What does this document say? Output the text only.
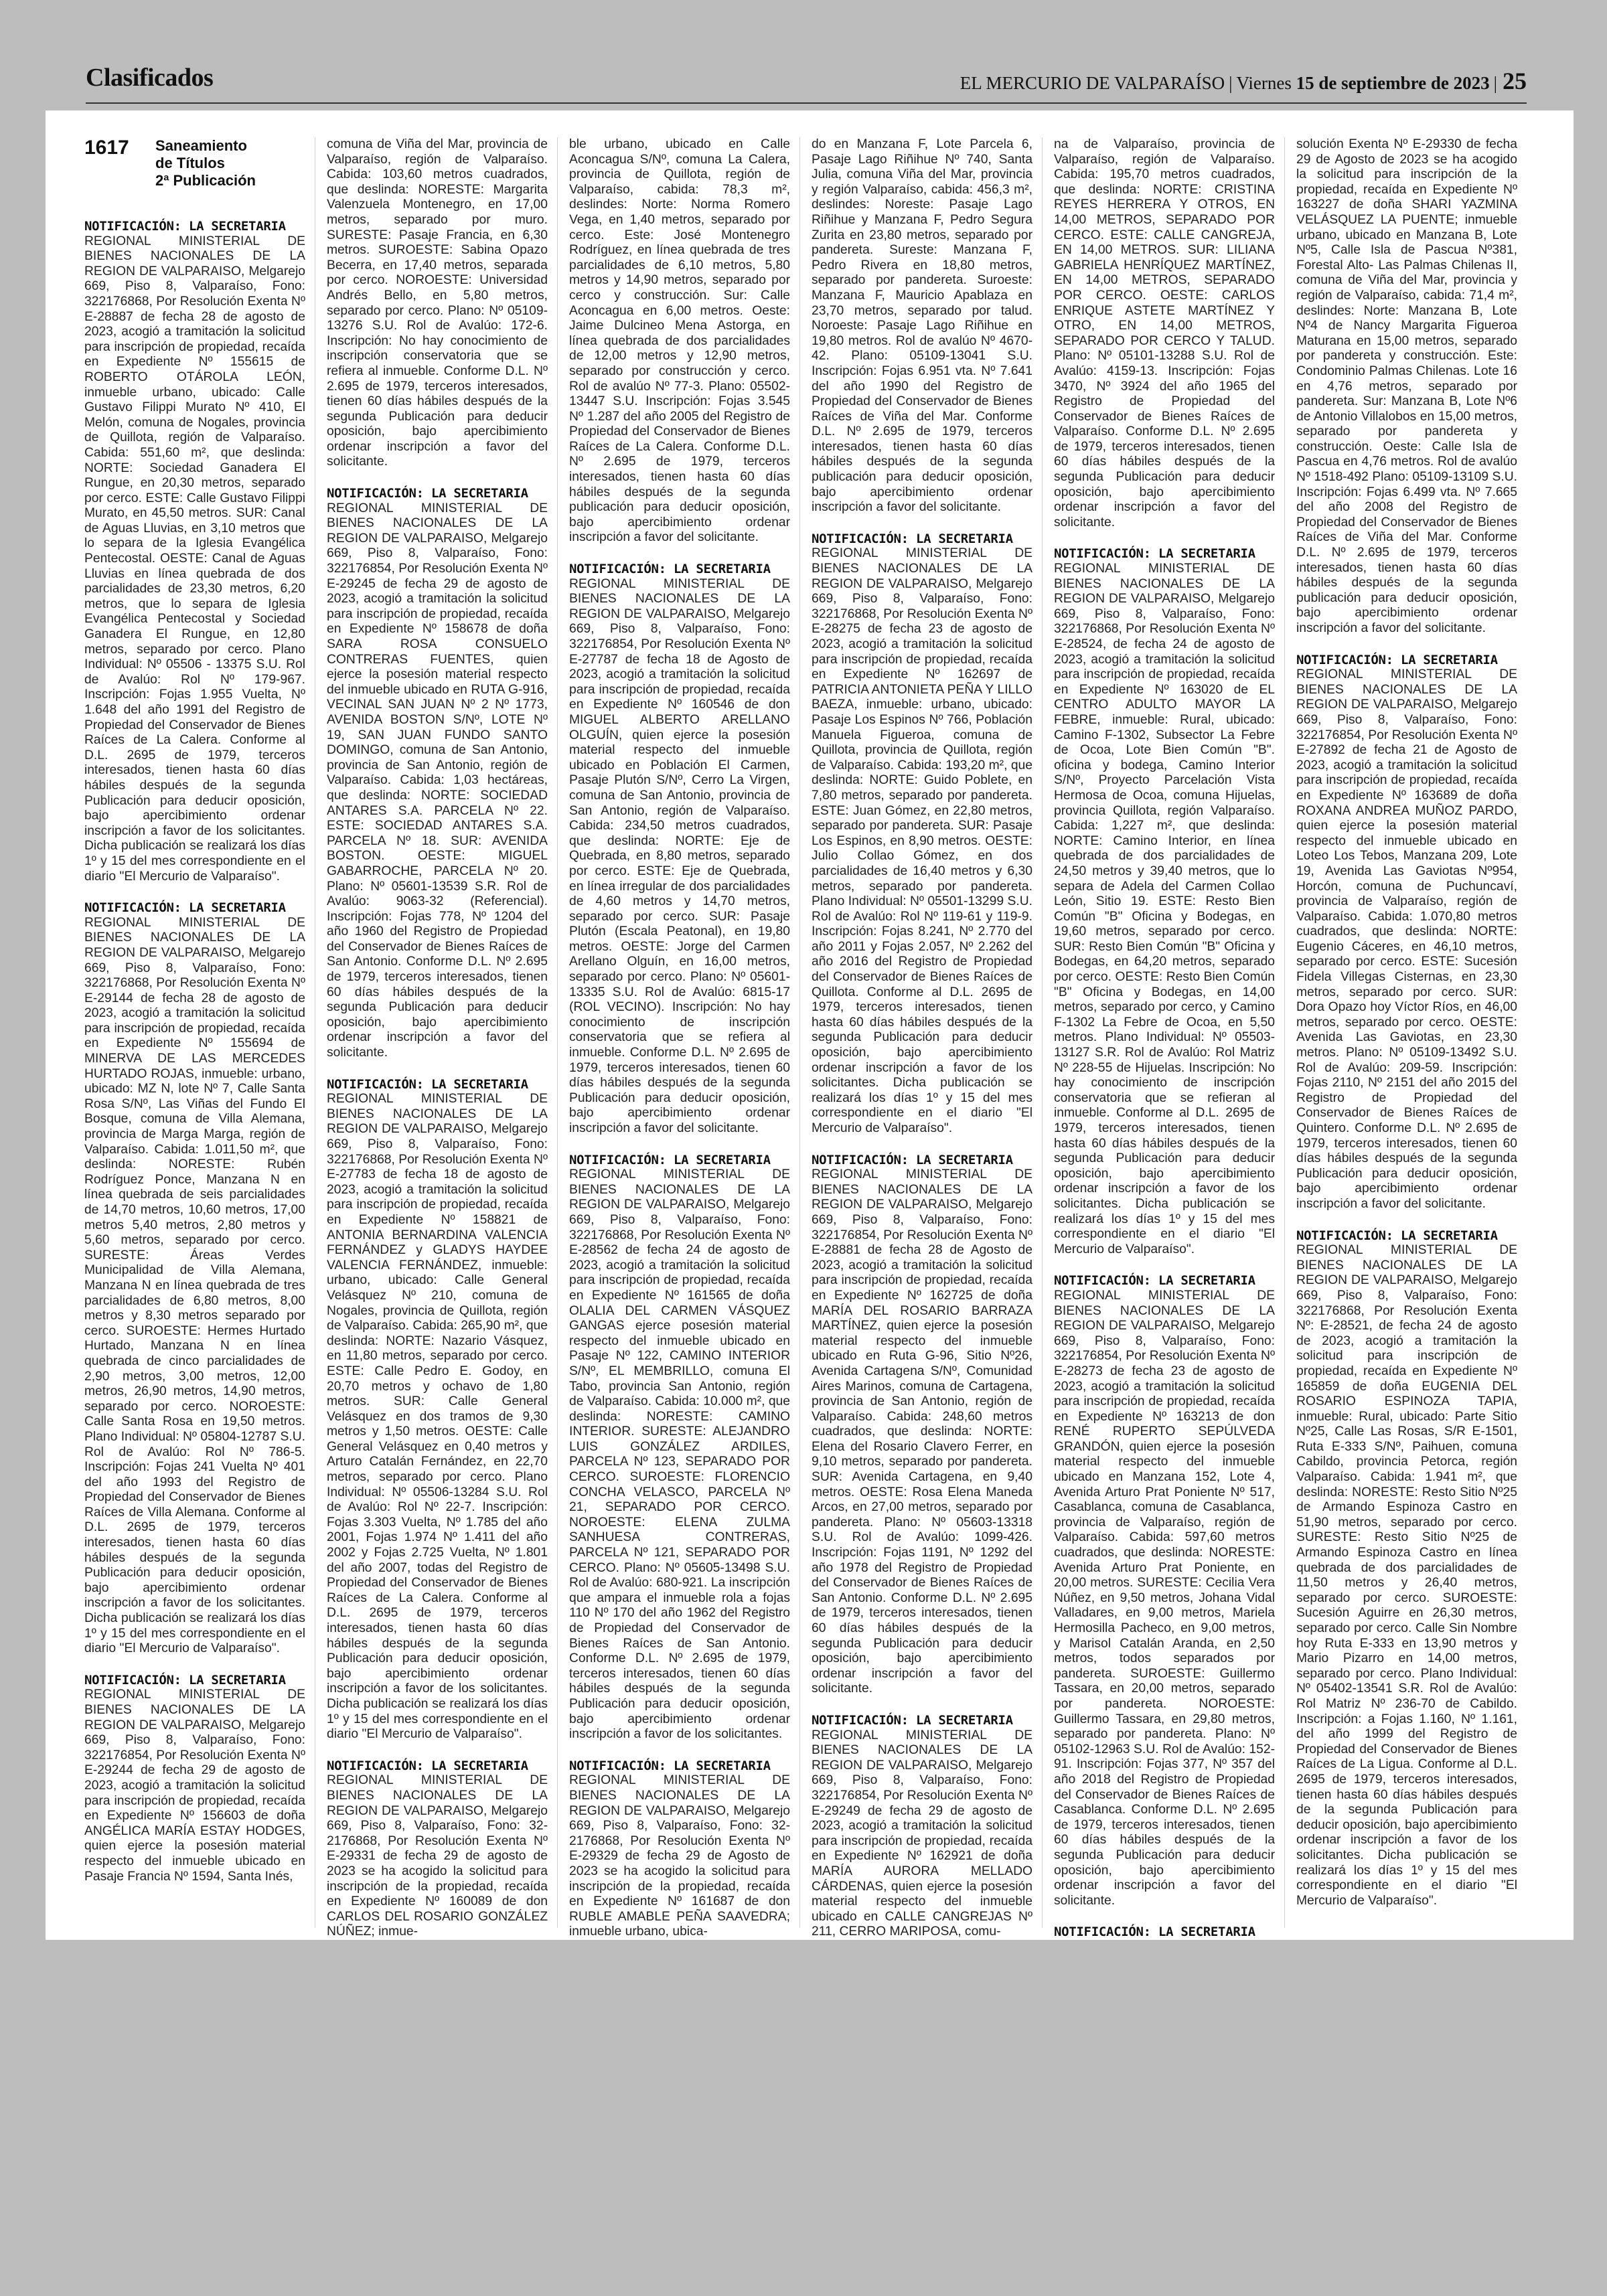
Clasificados	EL MERCURIO DE VALPARAÍSO | Viernes 15 de septiembre de 2023 | 25
1617	Saneamiento
de Títulos
2ª Publicación
NOTIFICACIÓN: LA SECRETARIA
REGIONAL MINISTERIAL DE BIENES NACIONALES DE LA REGION DE VALPARAISO, Melgarejo 669, Piso 8, Valparaíso, Fono: 322176868, Por Resolución Exenta Nº E-28887 de fecha 28 de agosto de 2023, acogió a tramitación la solicitud para inscripción de propiedad, recaída en Expediente Nº 155615 de ROBERTO OTÁROLA LEÓN, inmueble urbano, ubicado: Calle Gustavo Filippi Murato Nº 410, El Melón, comuna de Nogales, provincia de Quillota, región de Valparaíso. Cabida: 551,60 m², que deslinda: NORTE: Sociedad Ganadera El Rungue, en 20,30 metros, separado por cerco. ESTE: Calle Gustavo Filippi Murato, en 45,50 metros. SUR: Canal de Aguas Lluvias, en 3,10 metros que lo separa de la Iglesia Evangélica Pentecostal. OESTE: Canal de Aguas Lluvias en línea quebrada de dos parcialidades de 23,30 metros, 6,20 metros, que lo separa de Iglesia Evangélica Pentecostal y Sociedad Ganadera El Rungue, en 12,80 metros, separado por cerco. Plano Individual: Nº 05506 - 13375 S.U. Rol de Avalúo: Rol Nº 179-967. Inscripción: Fojas 1.955 Vuelta, Nº 1.648 del año 1991 del Registro de Propiedad del Conservador de Bienes Raíces de La Calera. Conforme al D.L. 2695 de 1979, terceros interesados, tienen hasta 60 días hábiles después de la segunda Publicación para deducir oposición, bajo apercibimiento ordenar inscripción a favor de los solicitantes. Dicha publicación se realizará los días 1º y 15 del mes correspondiente en el diario "El Mercurio de Valparaíso".
NOTIFICACIÓN: LA SECRETARIA
REGIONAL MINISTERIAL DE BIENES NACIONALES DE LA REGION DE VALPARAISO, Melgarejo 669, Piso 8, Valparaíso, Fono: 322176868, Por Resolución Exenta Nº E-29144 de fecha 28 de agosto de 2023, acogió a tramitación la solicitud para inscripción de propiedad, recaída en Expediente Nº 155694 de MINERVA DE LAS MERCEDES HURTADO ROJAS, inmueble: urbano, ubicado: MZ N, lote Nº 7, Calle Santa Rosa S/Nº, Las Viñas del Fundo El Bosque, comuna de Villa Alemana, provincia de Marga Marga, región de Valparaíso. Cabida: 1.011,50 m², que deslinda: NORESTE: Rubén Rodríguez Ponce, Manzana N en línea quebrada de seis parcialidades de 14,70 metros, 10,60 metros, 17,00 metros 5,40 metros, 2,80 metros y 5,60 metros, separado por cerco. SURESTE: Áreas Verdes Municipalidad de Villa Alemana, Manzana N en línea quebrada de tres parcialidades de 6,80 metros, 8,00 metros y 8,30 metros separado por cerco. SUROESTE: Hermes Hurtado Hurtado, Manzana N en línea quebrada de cinco parcialidades de 2,90 metros, 3,00 metros, 12,00 metros, 26,90 metros, 14,90 metros, separado por cerco. NOROESTE: Calle Santa Rosa en 19,50 metros. Plano Individual: Nº 05804-12787 S.U. Rol de Avalúo: Rol Nº 786-5. Inscripción: Fojas 241 Vuelta Nº 401 del año 1993 del Registro de Propiedad del Conservador de Bienes Raíces de Villa Alemana. Conforme al D.L. 2695 de 1979, terceros interesados, tienen hasta 60 días hábiles después de la segunda Publicación para deducir oposición, bajo apercibimiento ordenar inscripción a favor de los solicitantes. Dicha publicación se realizará los días 1º y 15 del mes correspondiente en el diario "El Mercurio de Valparaíso".
NOTIFICACIÓN: LA SECRETARIA
REGIONAL MINISTERIAL DE BIENES NACIONALES DE LA REGION DE VALPARAISO, Melgarejo 669, Piso 8, Valparaíso, Fono: 322176854, Por Resolución Exenta Nº E-29244 de fecha 29 de agosto de 2023, acogió a tramitación la solicitud para inscripción de propiedad, recaída en Expediente Nº 156603 de doña ANGÉLICA MARÍA ESTAY HODGES, quien ejerce la posesión material respecto del inmueble ubicado en Pasaje Francia Nº 1594, Santa Inés,
comuna de Viña del Mar, provincia de Valparaíso, región de Valparaíso. Cabida: 103,60 metros cuadrados, que deslinda: NORESTE: Margarita Valenzuela Montenegro, en 17,00 metros, separado por muro. SURESTE: Pasaje Francia, en 6,30 metros. SUROESTE: Sabina Opazo Becerra, en 17,40 metros, separada por cerco. NOROESTE: Universidad Andrés Bello, en 5,80 metros, separado por cerco. Plano: Nº 05109-13276 S.U. Rol de Avalúo: 172-6. Inscripción: No hay conocimiento de inscripción conservatoria que se refiera al inmueble. Conforme D.L. Nº 2.695 de 1979, terceros interesados, tienen 60 días hábiles después de la segunda Publicación para deducir oposición, bajo apercibimiento ordenar inscripción a favor del solicitante.
NOTIFICACIÓN: LA SECRETARIA
REGIONAL MINISTERIAL DE BIENES NACIONALES DE LA REGION DE VALPARAISO, Melgarejo 669, Piso 8, Valparaíso, Fono: 322176854, Por Resolución Exenta Nº E-29245 de fecha 29 de agosto de 2023, acogió a tramitación la solicitud para inscripción de propiedad, recaída en Expediente Nº 158678 de doña SARA ROSA CONSUELO CONTRERAS FUENTES, quien ejerce la posesión material respecto del inmueble ubicado en RUTA G-916, VECINAL SAN JUAN Nº 2 Nº 1773, AVENIDA BOSTON S/Nº, LOTE Nº 19, SAN JUAN FUNDO SANTO DOMINGO, comuna de San Antonio, provincia de San Antonio, región de Valparaíso. Cabida: 1,03 hectáreas, que deslinda: NORTE: SOCIEDAD ANTARES S.A. PARCELA Nº 22. ESTE: SOCIEDAD ANTARES S.A. PARCELA Nº 18. SUR: AVENIDA BOSTON. OESTE: MIGUEL GABARROCHE, PARCELA Nº 20. Plano: Nº 05601-13539 S.R. Rol de Avalúo: 9063-32 (Referencial). Inscripción: Fojas 778, Nº 1204 del año 1960 del Registro de Propiedad del Conservador de Bienes Raíces de San Antonio. Conforme D.L. Nº 2.695 de 1979, terceros interesados, tienen 60 días hábiles después de la segunda Publicación para deducir oposición, bajo apercibimiento ordenar inscripción a favor del solicitante.
NOTIFICACIÓN: LA SECRETARIA
REGIONAL MINISTERIAL DE BIENES NACIONALES DE LA REGION DE VALPARAISO, Melgarejo 669, Piso 8, Valparaíso, Fono: 322176868, Por Resolución Exenta Nº E-27783 de fecha 18 de agosto de 2023, acogió a tramitación la solicitud para inscripción de propiedad, recaída en Expediente Nº 158821 de ANTONIA BERNARDINA VALENCIA FERNÁNDEZ y GLADYS HAYDEE VALENCIA FERNÁNDEZ, inmueble: urbano, ubicado: Calle General Velásquez Nº 210, comuna de Nogales, provincia de Quillota, región de Valparaíso. Cabida: 265,90 m², que deslinda: NORTE: Nazario Vásquez, en 11,80 metros, separado por cerco. ESTE: Calle Pedro E. Godoy, en 20,70 metros y ochavo de 1,80 metros. SUR: Calle General Velásquez en dos tramos de 9,30 metros y 1,50 metros. OESTE: Calle General Velásquez en 0,40 metros y Arturo Catalán Fernández, en 22,70 metros, separado por cerco. Plano Individual: Nº 05506-13284 S.U. Rol de Avalúo: Rol Nº 22-7. Inscripción: Fojas 3.303 Vuelta, Nº 1.785 del año 2001, Fojas 1.974 Nº 1.411 del año 2002 y Fojas 2.725 Vuelta, Nº 1.801 del año 2007, todas del Registro de Propiedad del Conservador de Bienes Raíces de La Calera. Conforme al D.L. 2695 de 1979, terceros interesados, tienen hasta 60 días hábiles después de la segunda Publicación para deducir oposición, bajo apercibimiento ordenar inscripción a favor de los solicitantes. Dicha publicación se realizará los días 1º y 15 del mes correspondiente en el diario "El Mercurio de Valparaíso".
NOTIFICACIÓN: LA SECRETARIA
REGIONAL MINISTERIAL DE BIENES NACIONALES DE LA REGION DE VALPARAISO, Melgarejo 669, Piso 8, Valparaíso, Fono: 32-2176868, Por Resolución Exenta Nº E-29331 de fecha 29 de agosto de 2023 se ha acogido la solicitud para inscripción de la propiedad, recaída en Expediente Nº 160089 de don CARLOS DEL ROSARIO GONZÁLEZ NÚÑEZ; inmue-
ble urbano, ubicado en Calle Aconcagua S/Nº, comuna La Calera, provincia de Quillota, región de Valparaíso, cabida: 78,3 m², deslindes: Norte: Norma Romero Vega, en 1,40 metros, separado por cerco. Este: José Montenegro Rodríguez, en línea quebrada de tres parcialidades de 6,10 metros, 5,80 metros y 14,90 metros, separado por cerco y construcción. Sur: Calle Aconcagua en 6,00 metros. Oeste: Jaime Dulcineo Mena Astorga, en línea quebrada de dos parcialidades de 12,00 metros y 12,90 metros, separado por construcción y cerco. Rol de avalúo Nº 77-3. Plano: 05502-13447 S.U. Inscripción: Fojas 3.545 Nº 1.287 del año 2005 del Registro de Propiedad del Conservador de Bienes Raíces de La Calera. Conforme D.L. Nº 2.695 de 1979, terceros interesados, tienen hasta 60 días hábiles después de la segunda publicación para deducir oposición, bajo apercibimiento ordenar inscripción a favor del solicitante.
NOTIFICACIÓN: LA SECRETARIA
REGIONAL MINISTERIAL DE BIENES NACIONALES DE LA REGION DE VALPARAISO, Melgarejo 669, Piso 8, Valparaíso, Fono: 322176854, Por Resolución Exenta Nº E-27787 de fecha 18 de Agosto de 2023, acogió a tramitación la solicitud para inscripción de propiedad, recaída en Expediente Nº 160546 de don MIGUEL ALBERTO ARELLANO OLGUÍN, quien ejerce la posesión material respecto del inmueble ubicado en Población El Carmen, Pasaje Plutón S/Nº, Cerro La Virgen, comuna de San Antonio, provincia de San Antonio, región de Valparaíso. Cabida: 234,50 metros cuadrados, que deslinda: NORTE: Eje de Quebrada, en 8,80 metros, separado por cerco. ESTE: Eje de Quebrada, en línea irregular de dos parcialidades de 4,60 metros y 14,70 metros, separado por cerco. SUR: Pasaje Plutón (Escala Peatonal), en 19,80 metros. OESTE: Jorge del Carmen Arellano Olguín, en 16,00 metros, separado por cerco. Plano: Nº 05601-13335 S.U. Rol de Avalúo: 6815-17 (ROL VECINO). Inscripción: No hay conocimiento de inscripción conservatoria que se refiera al inmueble. Conforme D.L. Nº 2.695 de 1979, terceros interesados, tienen 60 días hábiles después de la segunda Publicación para deducir oposición, bajo apercibimiento ordenar inscripción a favor del solicitante.
NOTIFICACIÓN: LA SECRETARIA
REGIONAL MINISTERIAL DE BIENES NACIONALES DE LA REGION DE VALPARAISO, Melgarejo 669, Piso 8, Valparaíso, Fono: 322176868, Por Resolución Exenta Nº E-28562 de fecha 24 de agosto de 2023, acogió a tramitación la solicitud para inscripción de propiedad, recaída en Expediente Nº 161565 de doña OLALIA DEL CARMEN VÁSQUEZ GANGAS ejerce posesión material respecto del inmueble ubicado en Pasaje Nº 122, CAMINO INTERIOR S/Nº, EL MEMBRILLO, comuna El Tabo, provincia San Antonio, región de Valparaíso. Cabida: 10.000 m², que deslinda: NORESTE: CAMINO INTERIOR. SURESTE: ALEJANDRO LUIS GONZÁLEZ ARDILES, PARCELA Nº 123, SEPARADO POR CERCO. SUROESTE: FLORENCIO CONCHA VELASCO, PARCELA Nº 21, SEPARADO POR CERCO. NOROESTE: ELENA ZULMA SANHUESA CONTRERAS, PARCELA Nº 121, SEPARADO POR CERCO. Plano: Nº 05605-13498 S.U. Rol de Avalúo: 680-921. La inscripción que ampara el inmueble rola a fojas 110 Nº 170 del año 1962 del Registro de Propiedad del Conservador de Bienes Raíces de San Antonio. Conforme D.L. Nº 2.695 de 1979, terceros interesados, tienen 60 días hábiles después de la segunda Publicación para deducir oposición, bajo apercibimiento ordenar inscripción a favor de los solicitantes.
NOTIFICACIÓN: LA SECRETARIA
REGIONAL MINISTERIAL DE BIENES NACIONALES DE LA REGION DE VALPARAISO, Melgarejo 669, Piso 8, Valparaíso, Fono: 32-2176868, Por Resolución Exenta Nº E-29329 de fecha 29 de Agosto de 2023 se ha acogido la solicitud para inscripción de la propiedad, recaída en Expediente Nº 161687 de don RUBLE AMABLE PEÑA SAAVEDRA; inmueble urbano, ubica-
do en Manzana F, Lote Parcela 6, Pasaje Lago Riñihue Nº 740, Santa Julia, comuna Viña del Mar, provincia y región Valparaíso, cabida: 456,3 m², deslindes: Noreste: Pasaje Lago Riñihue y Manzana F, Pedro Segura Zurita en 23,80 metros, separado por pandereta. Sureste: Manzana F, Pedro Rivera en 18,80 metros, separado por pandereta. Suroeste: Manzana F, Mauricio Apablaza en 23,70 metros, separado por talud. Noroeste: Pasaje Lago Riñihue en 19,80 metros. Rol de avalúo Nº 4670-42. Plano: 05109-13041 S.U. Inscripción: Fojas 6.951 vta. Nº 7.641 del año 1990 del Registro de Propiedad del Conservador de Bienes Raíces de Viña del Mar. Conforme D.L. Nº 2.695 de 1979, terceros interesados, tienen hasta 60 días hábiles después de la segunda publicación para deducir oposición, bajo apercibimiento ordenar inscripción a favor del solicitante.
NOTIFICACIÓN: LA SECRETARIA
REGIONAL MINISTERIAL DE BIENES NACIONALES DE LA REGION DE VALPARAISO, Melgarejo 669, Piso 8, Valparaíso, Fono: 322176868, Por Resolución Exenta Nº E-28275 de fecha 23 de agosto de 2023, acogió a tramitación la solicitud para inscripción de propiedad, recaída en Expediente Nº 162697 de PATRICIA ANTONIETA PEÑA Y LILLO BAEZA, inmueble: urbano, ubicado: Pasaje Los Espinos Nº 766, Población Manuela Figueroa, comuna de Quillota, provincia de Quillota, región de Valparaíso. Cabida: 193,20 m², que deslinda: NORTE: Guido Poblete, en 7,80 metros, separado por pandereta. ESTE: Juan Gómez, en 22,80 metros, separado por pandereta. SUR: Pasaje Los Espinos, en 8,90 metros. OESTE: Julio Collao Gómez, en dos parcialidades de 16,40 metros y 6,30 metros, separado por pandereta. Plano Individual: Nº 05501-13299 S.U. Rol de Avalúo: Rol Nº 119-61 y 119-9. Inscripción: Fojas 8.241, Nº 2.770 del año 2011 y Fojas 2.057, Nº 2.262 del año 2016 del Registro de Propiedad del Conservador de Bienes Raíces de Quillota. Conforme al D.L. 2695 de 1979, terceros interesados, tienen hasta 60 días hábiles después de la segunda Publicación para deducir oposición, bajo apercibimiento ordenar inscripción a favor de los solicitantes. Dicha publicación se realizará los días 1º y 15 del mes correspondiente en el diario "El Mercurio de Valparaíso".
NOTIFICACIÓN: LA SECRETARIA
REGIONAL MINISTERIAL DE BIENES NACIONALES DE LA REGION DE VALPARAISO, Melgarejo 669, Piso 8, Valparaíso, Fono: 322176854, Por Resolución Exenta Nº E-28881 de fecha 28 de Agosto de 2023, acogió a tramitación la solicitud para inscripción de propiedad, recaída en Expediente Nº 162725 de doña MARÍA DEL ROSARIO BARRAZA MARTÍNEZ, quien ejerce la posesión material respecto del inmueble ubicado en Ruta G-96, Sitio Nº26, Avenida Cartagena S/Nº, Comunidad Aires Marinos, comuna de Cartagena, provincia de San Antonio, región de Valparaíso. Cabida: 248,60 metros cuadrados, que deslinda: NORTE: Elena del Rosario Clavero Ferrer, en 9,10 metros, separado por pandereta. SUR: Avenida Cartagena, en 9,40 metros. OESTE: Rosa Elena Maneda Arcos, en 27,00 metros, separado por pandereta. Plano: Nº 05603-13318 S.U. Rol de Avalúo: 1099-426. Inscripción: Fojas 1191, Nº 1292 del año 1978 del Registro de Propiedad del Conservador de Bienes Raíces de San Antonio. Conforme D.L. Nº 2.695 de 1979, terceros interesados, tienen 60 días hábiles después de la segunda Publicación para deducir oposición, bajo apercibimiento ordenar inscripción a favor del solicitante.
NOTIFICACIÓN: LA SECRETARIA
REGIONAL MINISTERIAL DE BIENES NACIONALES DE LA REGION DE VALPARAISO, Melgarejo 669, Piso 8, Valparaíso, Fono: 322176854, Por Resolución Exenta Nº E-29249 de fecha 29 de agosto de 2023, acogió a tramitación la solicitud para inscripción de propiedad, recaída en Expediente Nº 162921 de doña MARÍA AURORA MELLADO CÁRDENAS, quien ejerce la posesión material respecto del inmueble ubicado en CALLE CANGREJAS Nº 211, CERRO MARIPOSA, comu-
na de Valparaíso, provincia de Valparaíso, región de Valparaíso. Cabida: 195,70 metros cuadrados, que deslinda: NORTE: CRISTINA REYES HERRERA Y OTROS, EN 14,00 METROS, SEPARADO POR CERCO. ESTE: CALLE CANGREJA, EN 14,00 METROS. SUR: LILIANA GABRIELA HENRÍQUEZ MARTÍNEZ, EN 14,00 METROS, SEPARADO POR CERCO. OESTE: CARLOS ENRIQUE ASTETE MARTÍNEZ Y OTRO, EN 14,00 METROS, SEPARADO POR CERCO Y TALUD. Plano: Nº 05101-13288 S.U. Rol de Avalúo: 4159-13. Inscripción: Fojas 3470, Nº 3924 del año 1965 del Registro de Propiedad del Conservador de Bienes Raíces de Valparaíso. Conforme D.L. Nº 2.695 de 1979, terceros interesados, tienen 60 días hábiles después de la segunda Publicación para deducir oposición, bajo apercibimiento ordenar inscripción a favor del solicitante.
NOTIFICACIÓN: LA SECRETARIA
REGIONAL MINISTERIAL DE BIENES NACIONALES DE LA REGION DE VALPARAISO, Melgarejo 669, Piso 8, Valparaíso, Fono: 322176868, Por Resolución Exenta Nº E-28524, de fecha 24 de agosto de 2023, acogió a tramitación la solicitud para inscripción de propiedad, recaída en Expediente Nº 163020 de EL CENTRO ADULTO MAYOR LA FEBRE, inmueble: Rural, ubicado: Camino F-1302, Subsector La Febre de Ocoa, Lote Bien Común "B". oficina y bodega, Camino Interior S/Nº, Proyecto Parcelación Vista Hermosa de Ocoa, comuna Hijuelas, provincia Quillota, región Valparaíso. Cabida: 1,227 m², que deslinda: NORTE: Camino Interior, en línea quebrada de dos parcialidades de 24,50 metros y 39,40 metros, que lo separa de Adela del Carmen Collao León, Sitio 19. ESTE: Resto Bien Común "B" Oficina y Bodegas, en 19,60 metros, separado por cerco. SUR: Resto Bien Común "B" Oficina y Bodegas, en 64,20 metros, separado por cerco. OESTE: Resto Bien Común "B" Oficina y Bodegas, en 14,00 metros, separado por cerco, y Camino F-1302 La Febre de Ocoa, en 5,50 metros. Plano Individual: Nº 05503-13127 S.R. Rol de Avalúo: Rol Matriz Nº 228-55 de Hijuelas. Inscripción: No hay conocimiento de inscripción conservatoria que se refieran al inmueble. Conforme al D.L. 2695 de 1979, terceros interesados, tienen hasta 60 días hábiles después de la segunda Publicación para deducir oposición, bajo apercibimiento ordenar inscripción a favor de los solicitantes. Dicha publicación se realizará los días 1º y 15 del mes correspondiente en el diario "El Mercurio de Valparaíso".
NOTIFICACIÓN: LA SECRETARIA
REGIONAL MINISTERIAL DE BIENES NACIONALES DE LA REGION DE VALPARAISO, Melgarejo 669, Piso 8, Valparaíso, Fono: 322176854, Por Resolución Exenta Nº E-28273 de fecha 23 de agosto de 2023, acogió a tramitación la solicitud para inscripción de propiedad, recaída en Expediente Nº 163213 de don RENÉ RUPERTO SEPÚLVEDA GRANDÓN, quien ejerce la posesión material respecto del inmueble ubicado en Manzana 152, Lote 4, Avenida Arturo Prat Poniente Nº 517, Casablanca, comuna de Casablanca, provincia de Valparaíso, región de Valparaíso. Cabida: 597,60 metros cuadrados, que deslinda: NORESTE: Avenida Arturo Prat Poniente, en 20,00 metros. SURESTE: Cecilia Vera Núñez, en 9,50 metros, Johana Vidal Valladares, en 9,00 metros, Mariela Hermosilla Pacheco, en 9,00 metros, y Marisol Catalán Aranda, en 2,50 metros, todos separados por pandereta. SUROESTE: Guillermo Tassara, en 20,00 metros, separado por pandereta. NOROESTE: Guillermo Tassara, en 29,80 metros, separado por pandereta. Plano: Nº 05102-12963 S.U. Rol de Avalúo: 152-91. Inscripción: Fojas 377, Nº 357 del año 2018 del Registro de Propiedad del Conservador de Bienes Raíces de Casablanca. Conforme D.L. Nº 2.695 de 1979, terceros interesados, tienen 60 días hábiles después de la segunda Publicación para deducir oposición, bajo apercibimiento ordenar inscripción a favor del solicitante.
NOTIFICACIÓN: LA SECRETARIA
solución Exenta Nº E-29330 de fecha 29 de Agosto de 2023 se ha acogido la solicitud para inscripción de la propiedad, recaída en Expediente Nº 163227 de doña SHARI YAZMINA VELÁSQUEZ LA PUENTE; inmueble urbano, ubicado en Manzana B, Lote Nº5, Calle Isla de Pascua Nº381, Forestal Alto- Las Palmas Chilenas II, comuna de Viña del Mar, provincia y región de Valparaíso, cabida: 71,4 m², deslindes: Norte: Manzana B, Lote Nº4 de Nancy Margarita Figueroa Maturana en 15,00 metros, separado por pandereta y construcción. Este: Condominio Palmas Chilenas. Lote 16 en 4,76 metros, separado por pandereta. Sur: Manzana B, Lote Nº6 de Antonio Villalobos en 15,00 metros, separado por pandereta y construcción. Oeste: Calle Isla de Pascua en 4,76 metros. Rol de avalúo Nº 1518-492 Plano: 05109-13109 S.U. Inscripción: Fojas 6.499 vta. Nº 7.665 del año 2008 del Registro de Propiedad del Conservador de Bienes Raíces de Viña del Mar. Conforme D.L. Nº 2.695 de 1979, terceros interesados, tienen hasta 60 días hábiles después de la segunda publicación para deducir oposición, bajo apercibimiento ordenar inscripción a favor del solicitante.
NOTIFICACIÓN: LA SECRETARIA
REGIONAL MINISTERIAL DE BIENES NACIONALES DE LA REGION DE VALPARAISO, Melgarejo 669, Piso 8, Valparaíso, Fono: 322176854, Por Resolución Exenta Nº E-27892 de fecha 21 de Agosto de 2023, acogió a tramitación la solicitud para inscripción de propiedad, recaída en Expediente Nº 163689 de doña ROXANA ANDREA MUÑOZ PARDO, quien ejerce la posesión material respecto del inmueble ubicado en Loteo Los Tebos, Manzana 209, Lote 19, Avenida Las Gaviotas Nº954, Horcón, comuna de Puchuncaví, provincia de Valparaíso, región de Valparaíso. Cabida: 1.070,80 metros cuadrados, que deslinda: NORTE: Eugenio Cáceres, en 46,10 metros, separado por cerco. ESTE: Sucesión Fidela Villegas Cisternas, en 23,30 metros, separado por cerco. SUR: Dora Opazo hoy Víctor Ríos, en 46,00 metros, separado por cerco. OESTE: Avenida Las Gaviotas, en 23,30 metros. Plano: Nº 05109-13492 S.U. Rol de Avalúo: 209-59. Inscripción: Fojas 2110, Nº 2151 del año 2015 del Registro de Propiedad del Conservador de Bienes Raíces de Quintero. Conforme D.L. Nº 2.695 de 1979, terceros interesados, tienen 60 días hábiles después de la segunda Publicación para deducir oposición, bajo apercibimiento ordenar inscripción a favor del solicitante.
NOTIFICACIÓN: LA SECRETARIA
REGIONAL MINISTERIAL DE BIENES NACIONALES DE LA REGION DE VALPARAISO, Melgarejo 669, Piso 8, Valparaíso, Fono: 322176868, Por Resolución Exenta Nº: E-28521, de fecha 24 de agosto de 2023, acogió a tramitación la solicitud para inscripción de propiedad, recaída en Expediente Nº 165859 de doña EUGENIA DEL ROSARIO ESPINOZA TAPIA, inmueble: Rural, ubicado: Parte Sitio Nº25, Calle Las Rosas, S/R E-1501, Ruta E-333 S/Nº, Paihuen, comuna Cabildo, provincia Petorca, región Valparaíso. Cabida: 1.941 m², que deslinda: NORESTE: Resto Sitio Nº25 de Armando Espinoza Castro en 51,90 metros, separado por cerco. SURESTE: Resto Sitio Nº25 de Armando Espinoza Castro en línea quebrada de dos parcialidades de 11,50 metros y 26,40 metros, separado por cerco. SUROESTE: Sucesión Aguirre en 26,30 metros, separado por cerco. Calle Sin Nombre hoy Ruta E-333 en 13,90 metros y Mario Pizarro en 14,00 metros, separado por cerco. Plano Individual: Nº 05402-13541 S.R. Rol de Avalúo: Rol Matriz Nº 236-70 de Cabildo. Inscripción: a Fojas 1.160, Nº 1.161, del año 1999 del Registro de Propiedad del Conservador de Bienes Raíces de La Ligua. Conforme al D.L. 2695 de 1979, terceros interesados, tienen hasta 60 días hábiles después de la segunda Publicación para deducir oposición, bajo apercibimiento ordenar inscripción a favor de los solicitantes. Dicha publicación se realizará los días 1º y 15 del mes correspondiente en el diario "El Mercurio de Valparaíso".
